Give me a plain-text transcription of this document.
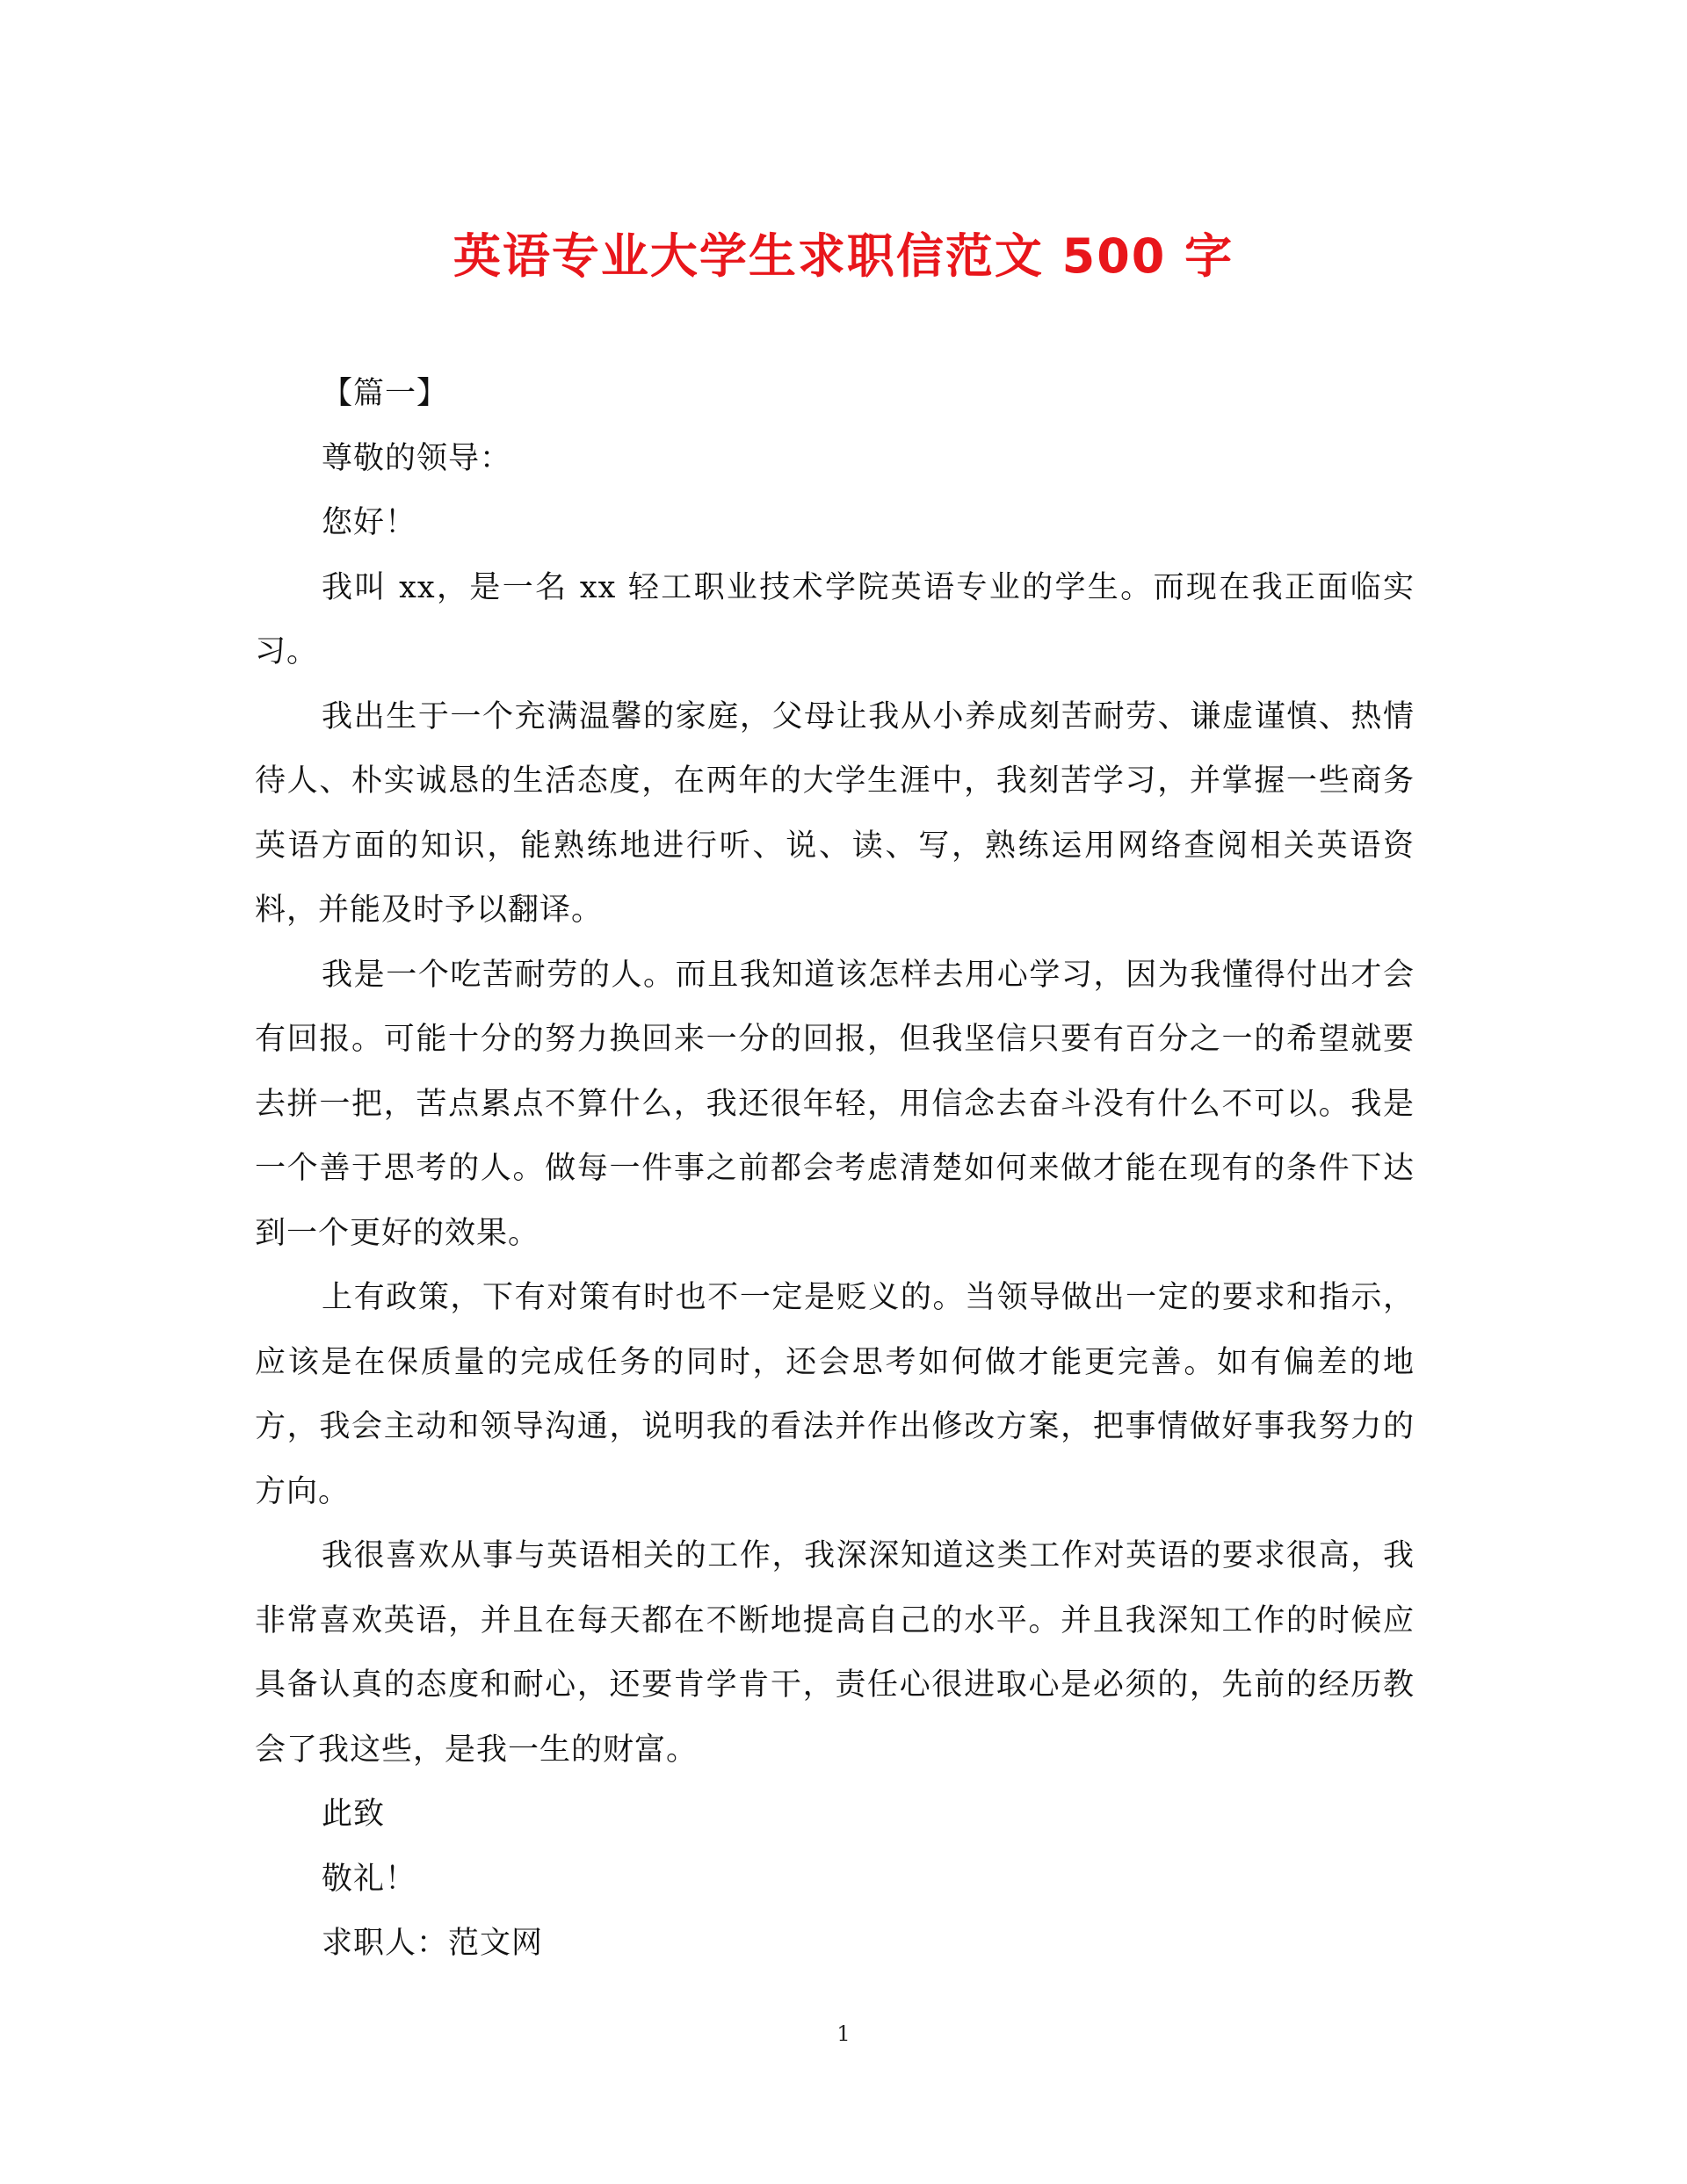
英语专业大学生求职信范文 500 字

【篇一】

尊敬的领导：

您好！

我叫 xx，是一名 xx 轻工职业技术学院英语专业的学生。而现在我正面临实习。

我出生于一个充满温馨的家庭，父母让我从小养成刻苦耐劳、谦虚谨慎、热情待人、朴实诚恳的生活态度，在两年的大学生涯中，我刻苦学习，并掌握一些商务英语方面的知识，能熟练地进行听、说、读、写，熟练运用网络查阅相关英语资料，并能及时予以翻译。

我是一个吃苦耐劳的人。而且我知道该怎样去用心学习，因为我懂得付出才会有回报。可能十分的努力换回来一分的回报，但我坚信只要有百分之一的希望就要去拼一把，苦点累点不算什么，我还很年轻，用信念去奋斗没有什么不可以。我是一个善于思考的人。做每一件事之前都会考虑清楚如何来做才能在现有的条件下达到一个更好的效果。

上有政策，下有对策有时也不一定是贬义的。当领导做出一定的要求和指示，应该是在保质量的完成任务的同时，还会思考如何做才能更完善。如有偏差的地方，我会主动和领导沟通，说明我的看法并作出修改方案，把事情做好事我努力的方向。

我很喜欢从事与英语相关的工作，我深深知道这类工作对英语的要求很高，我非常喜欢英语，并且在每天都在不断地提高自己的水平。并且我深知工作的时候应具备认真的态度和耐心，还要肯学肯干，责任心很进取心是必须的，先前的经历教会了我这些，是我一生的财富。

此致

敬礼！

求职人：范文网

1
